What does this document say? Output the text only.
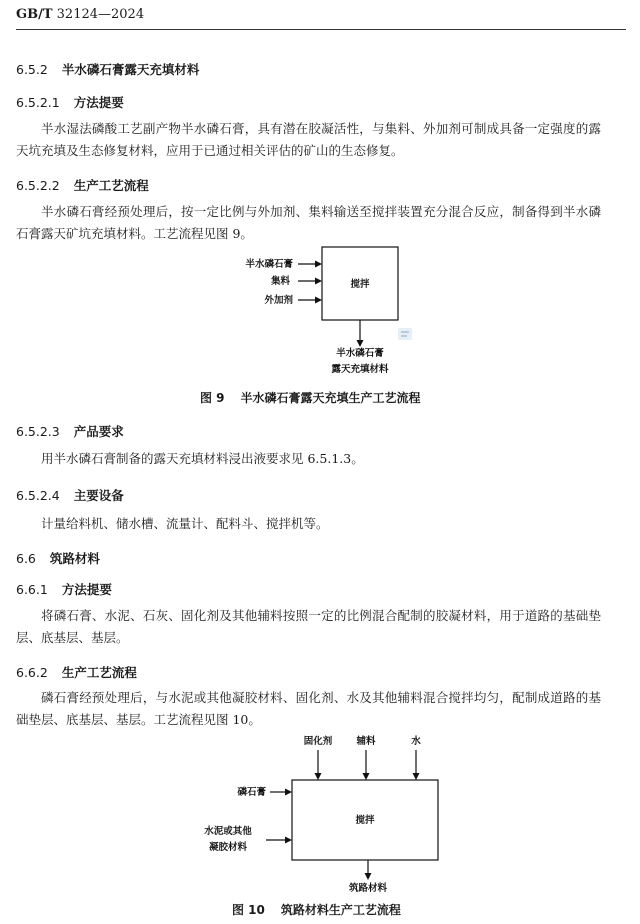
GB/T 32124—2024
6.5.2 半水磷石膏露天充填材料
6.5.2.1 方法提要
半水湿法磷酸工艺副产物半水磷石膏，具有潜在胶凝活性，与集料、外加剂可制成具备一定强度的露天坑充填及生态修复材料，应用于已通过相关评估的矿山的生态修复。
6.5.2.2 生产工艺流程
半水磷石膏经预处理后，按一定比例与外加剂、集料输送至搅拌装置充分混合反应，制备得到半水磷石膏露天矿坑充填材料。工艺流程见图 9。
搅拌
半水磷石膏
集料
外加剂
半水磷石膏
露天充填材料
图 9 半水磷石膏露天充填生产工艺流程
6.5.2.3 产品要求
用半水磷石膏制备的露天充填材料浸出液要求见 6.5.1.3。
6.5.2.4 主要设备
计量给料机、储水槽、流量计、配料斗、搅拌机等。
6.6 筑路材料
6.6.1 方法提要
将磷石膏、水泥、石灰、固化剂及其他辅料按照一定的比例混合配制的胶凝材料，用于道路的基础垫层、底基层、基层。
6.6.2 生产工艺流程
磷石膏经预处理后，与水泥或其他凝胶材料、固化剂、水及其他辅料混合搅拌均匀，配制成道路的基础垫层、底基层、基层。工艺流程见图 10。
固化剂	辅料	水
搅拌
磷石膏
水泥或其他
凝胶材料
筑路材料
图 10 筑路材料生产工艺流程
